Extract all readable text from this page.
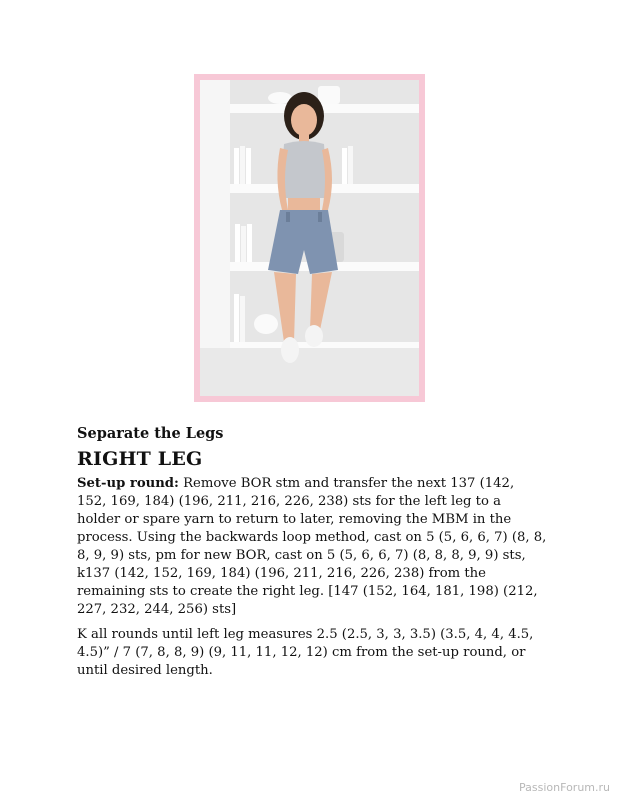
Separate the Legs
RIGHT LEG

Set-up round: Remove BOR stm and transfer the next 137 (142, 152, 169, 184) (196, 211, 216, 226, 238) sts for the left leg to a holder or spare yarn to return to later, removing the MBM in the process. Using the backwards loop method, cast on 5 (5, 6, 6, 7) (8, 8, 8, 9, 9) sts, pm for new BOR, cast on 5 (5, 6, 6, 7) (8, 8, 8, 9, 9) sts, k137 (142, 152, 169, 184) (196, 211, 216, 226, 238) from the remaining sts to create the right leg. [147 (152, 164, 181, 198) (212, 227, 232, 244, 256) sts]

K all rounds until left leg measures 2.5 (2.5, 3, 3, 3.5) (3.5, 4, 4, 4.5, 4.5)” / 7 (7, 8, 8, 9) (9, 11, 11, 12, 12) cm from the set-up round, or until desired length.

PassionForum.ru
